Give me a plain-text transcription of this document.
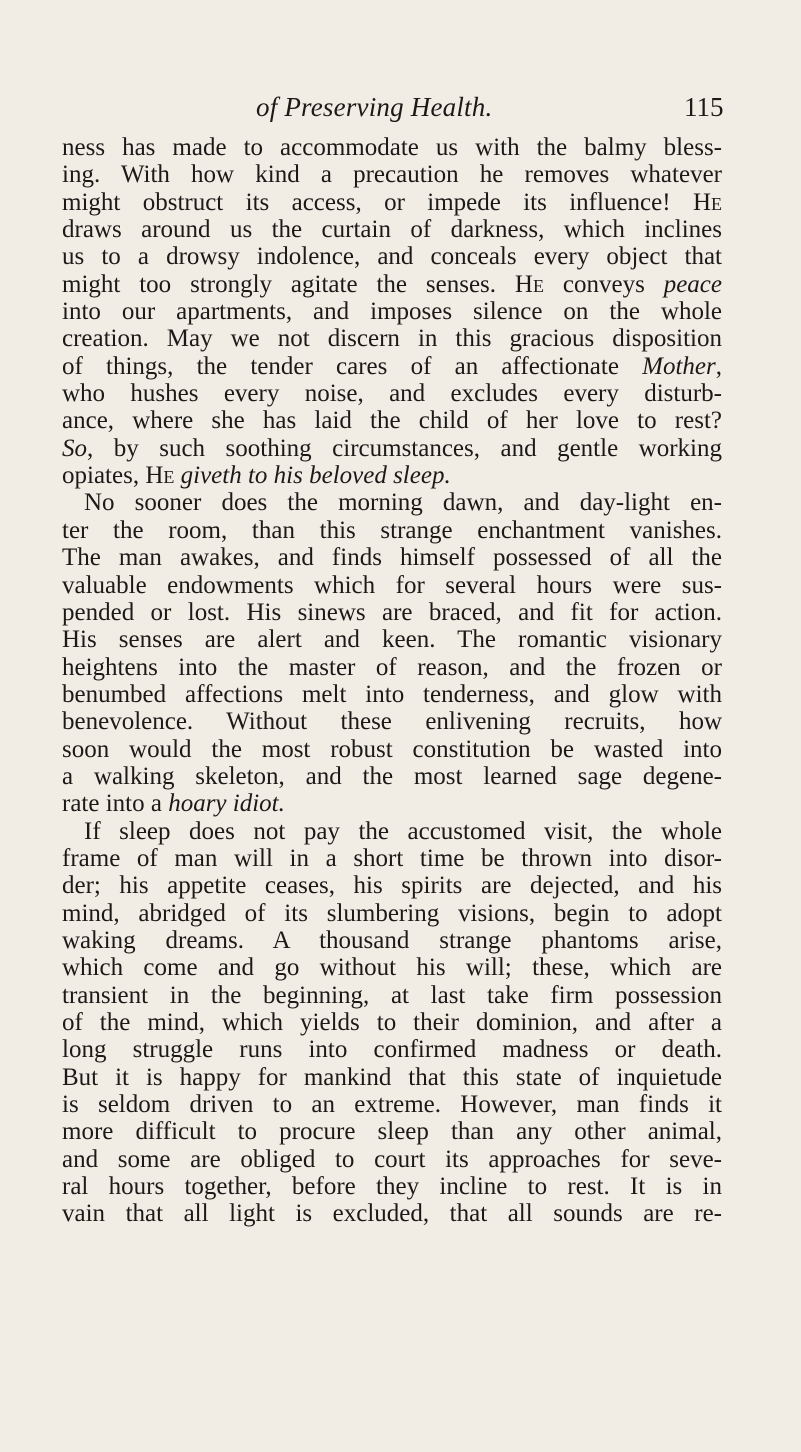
of Preserving Health.	115
ness has made to accommodate us with the balmy bless-
ing. With how kind a precaution he removes whatever
might obstruct its access, or impede its influence! He
draws around us the curtain of darkness, which inclines
us to a drowsy indolence, and conceals every object that
might too strongly agitate the senses. He conveys peace
into our apartments, and imposes silence on the whole
creation. May we not discern in this gracious disposition
of things, the tender cares of an affectionate Mother,
who hushes every noise, and excludes every disturb-
ance, where she has laid the child of her love to rest?
So, by such soothing circumstances, and gentle working
opiates, He giveth to his beloved sleep.
No sooner does the morning dawn, and day-light en-
ter the room, than this strange enchantment vanishes.
The man awakes, and finds himself possessed of all the
valuable endowments which for several hours were sus-
pended or lost. His sinews are braced, and fit for action.
His senses are alert and keen. The romantic visionary
heightens into the master of reason, and the frozen or
benumbed affections melt into tenderness, and glow with
benevolence. Without these enlivening recruits, how
soon would the most robust constitution be wasted into
a walking skeleton, and the most learned sage degene-
rate into a hoary idiot.
If sleep does not pay the accustomed visit, the whole
frame of man will in a short time be thrown into disor-
der; his appetite ceases, his spirits are dejected, and his
mind, abridged of its slumbering visions, begin to adopt
waking dreams. A thousand strange phantoms arise,
which come and go without his will; these, which are
transient in the beginning, at last take firm possession
of the mind, which yields to their dominion, and after a
long struggle runs into confirmed madness or death.
But it is happy for mankind that this state of inquietude
is seldom driven to an extreme. However, man finds it
more difficult to procure sleep than any other animal,
and some are obliged to court its approaches for seve-
ral hours together, before they incline to rest. It is in
vain that all light is excluded, that all sounds are re-
